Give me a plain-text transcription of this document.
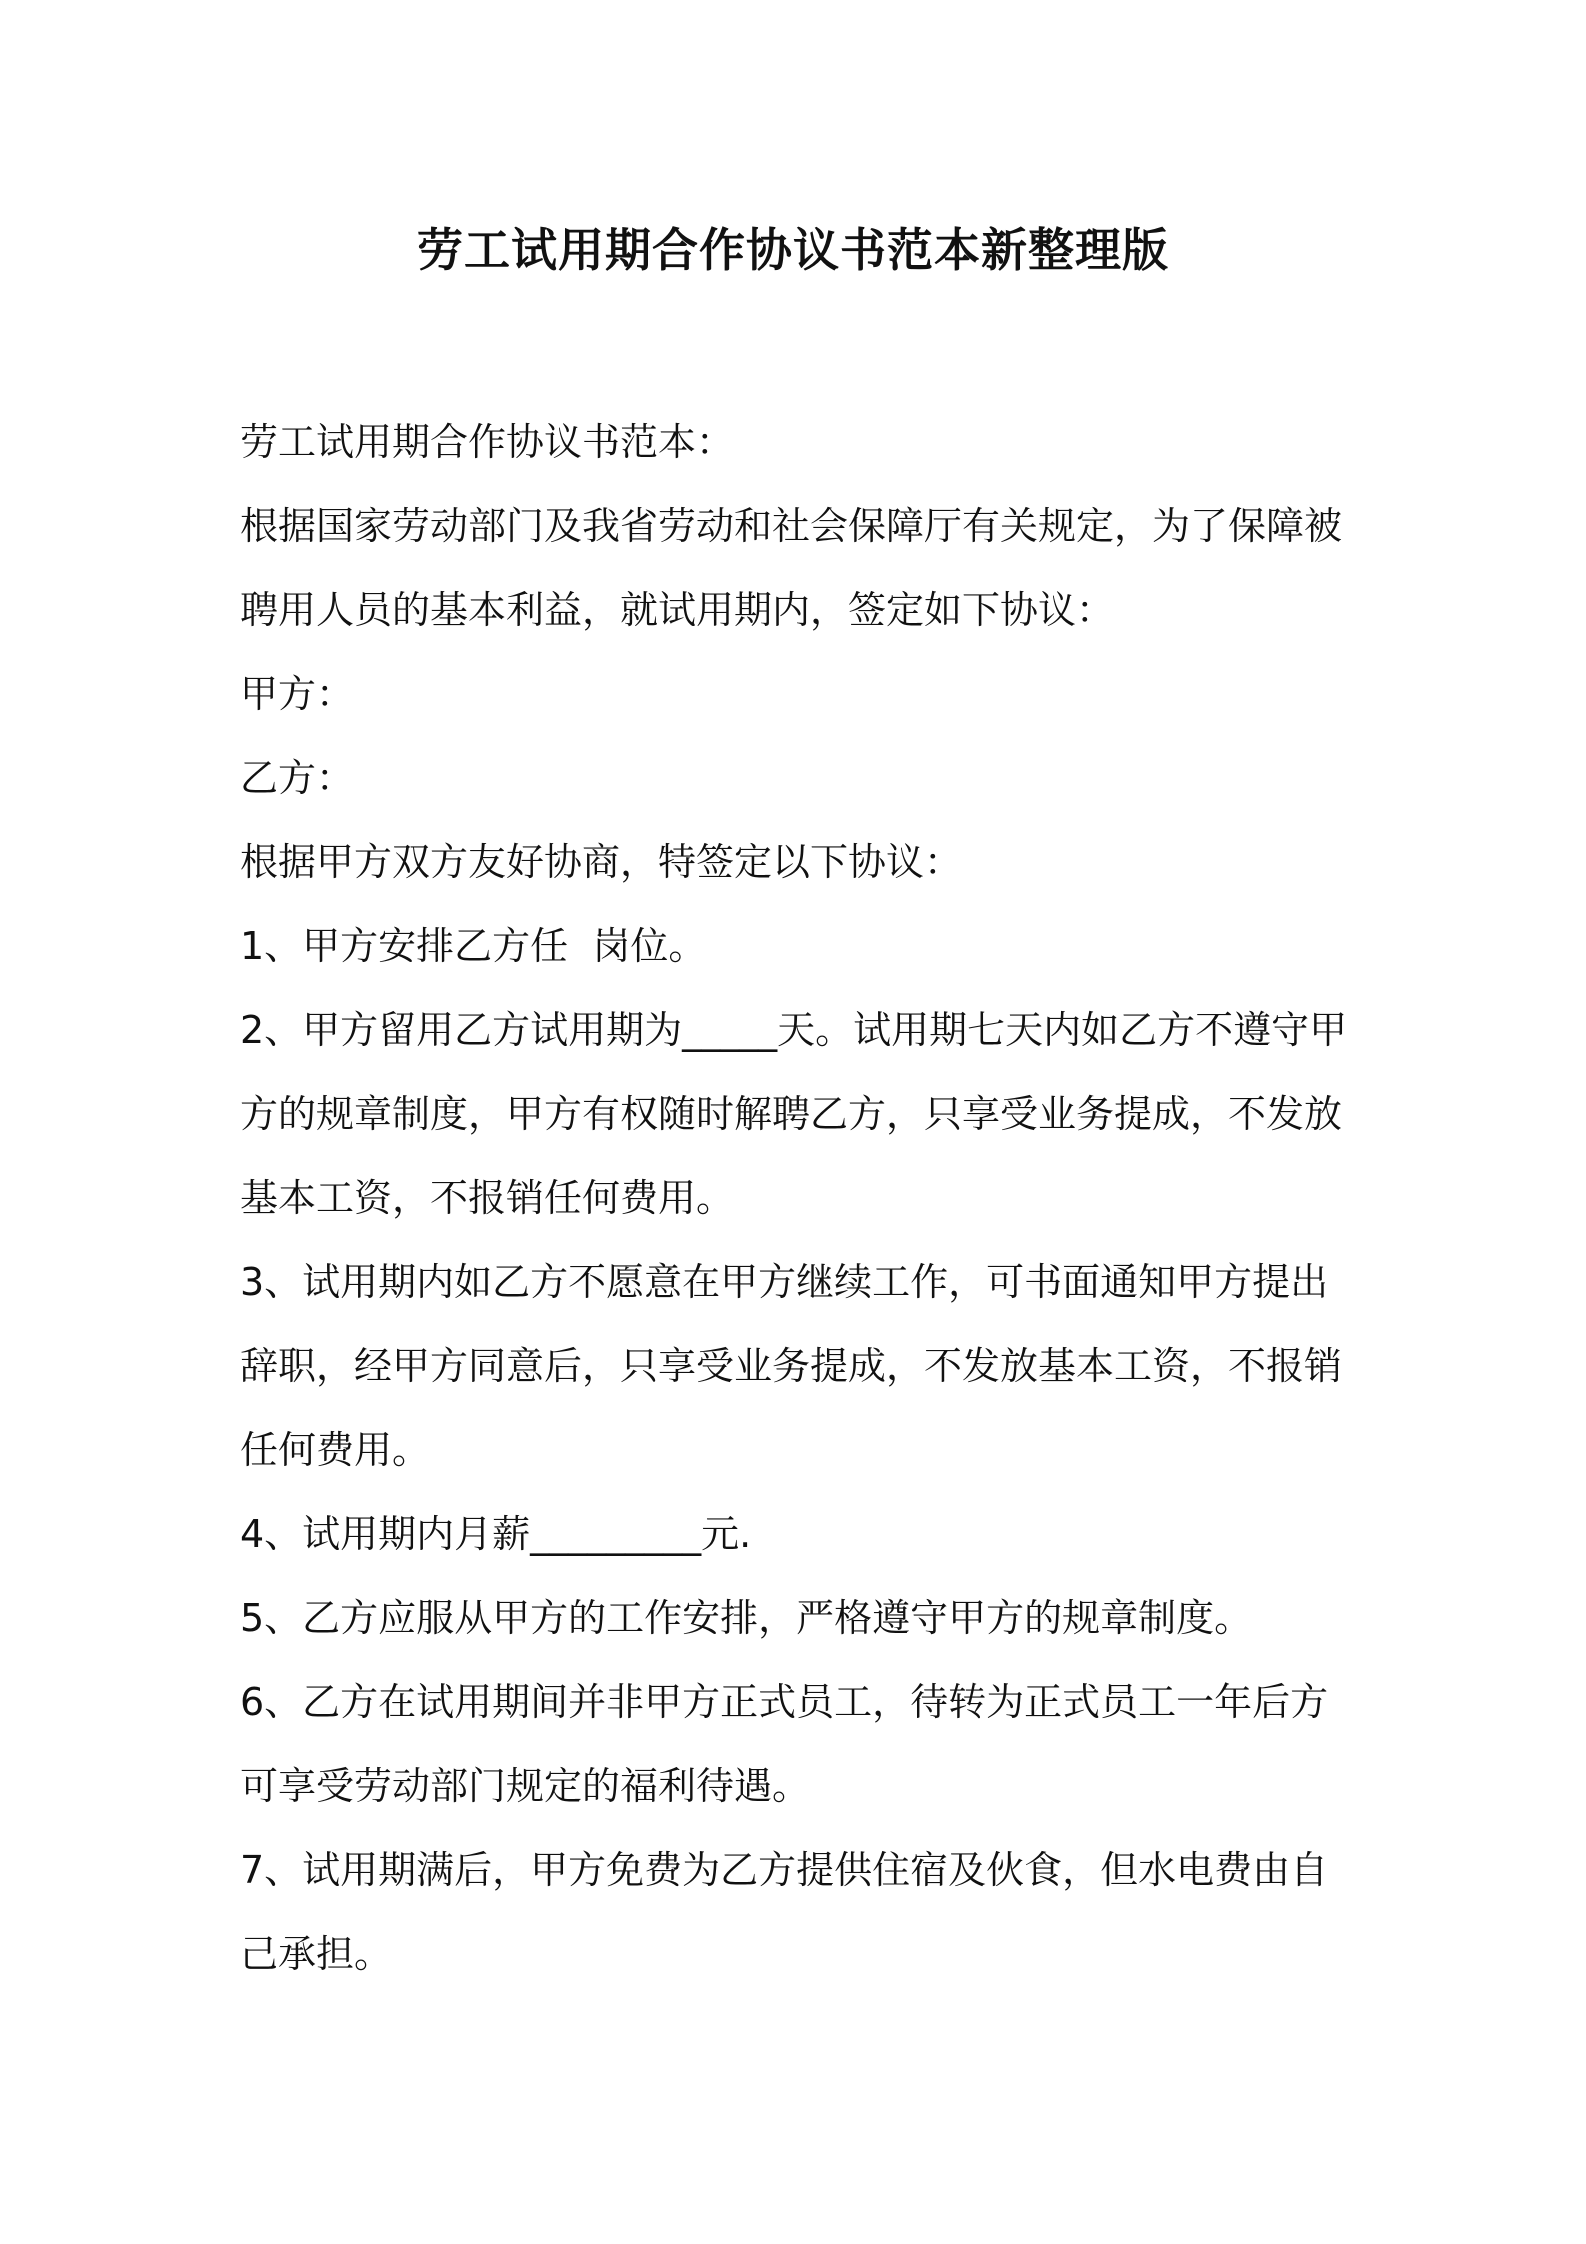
劳工试用期合作协议书范本新整理版

劳工试用期合作协议书范本：

根据国家劳动部门及我省劳动和社会保障厅有关规定，为了保障被聘用人员的基本利益，就试用期内，签定如下协议：

甲方：

乙方：

根据甲方双方友好协商，特签定以下协议：

1、甲方安排乙方任  岗位。

2、甲方留用乙方试用期为_____天。试用期七天内如乙方不遵守甲方的规章制度，甲方有权随时解聘乙方，只享受业务提成，不发放基本工资，不报销任何费用。

3、试用期内如乙方不愿意在甲方继续工作，可书面通知甲方提出辞职，经甲方同意后，只享受业务提成，不发放基本工资，不报销任何费用。

4、试用期内月薪_________元.

5、乙方应服从甲方的工作安排，严格遵守甲方的规章制度。

6、乙方在试用期间并非甲方正式员工，待转为正式员工一年后方可享受劳动部门规定的福利待遇。

7、试用期满后，甲方免费为乙方提供住宿及伙食，但水电费由自己承担。
